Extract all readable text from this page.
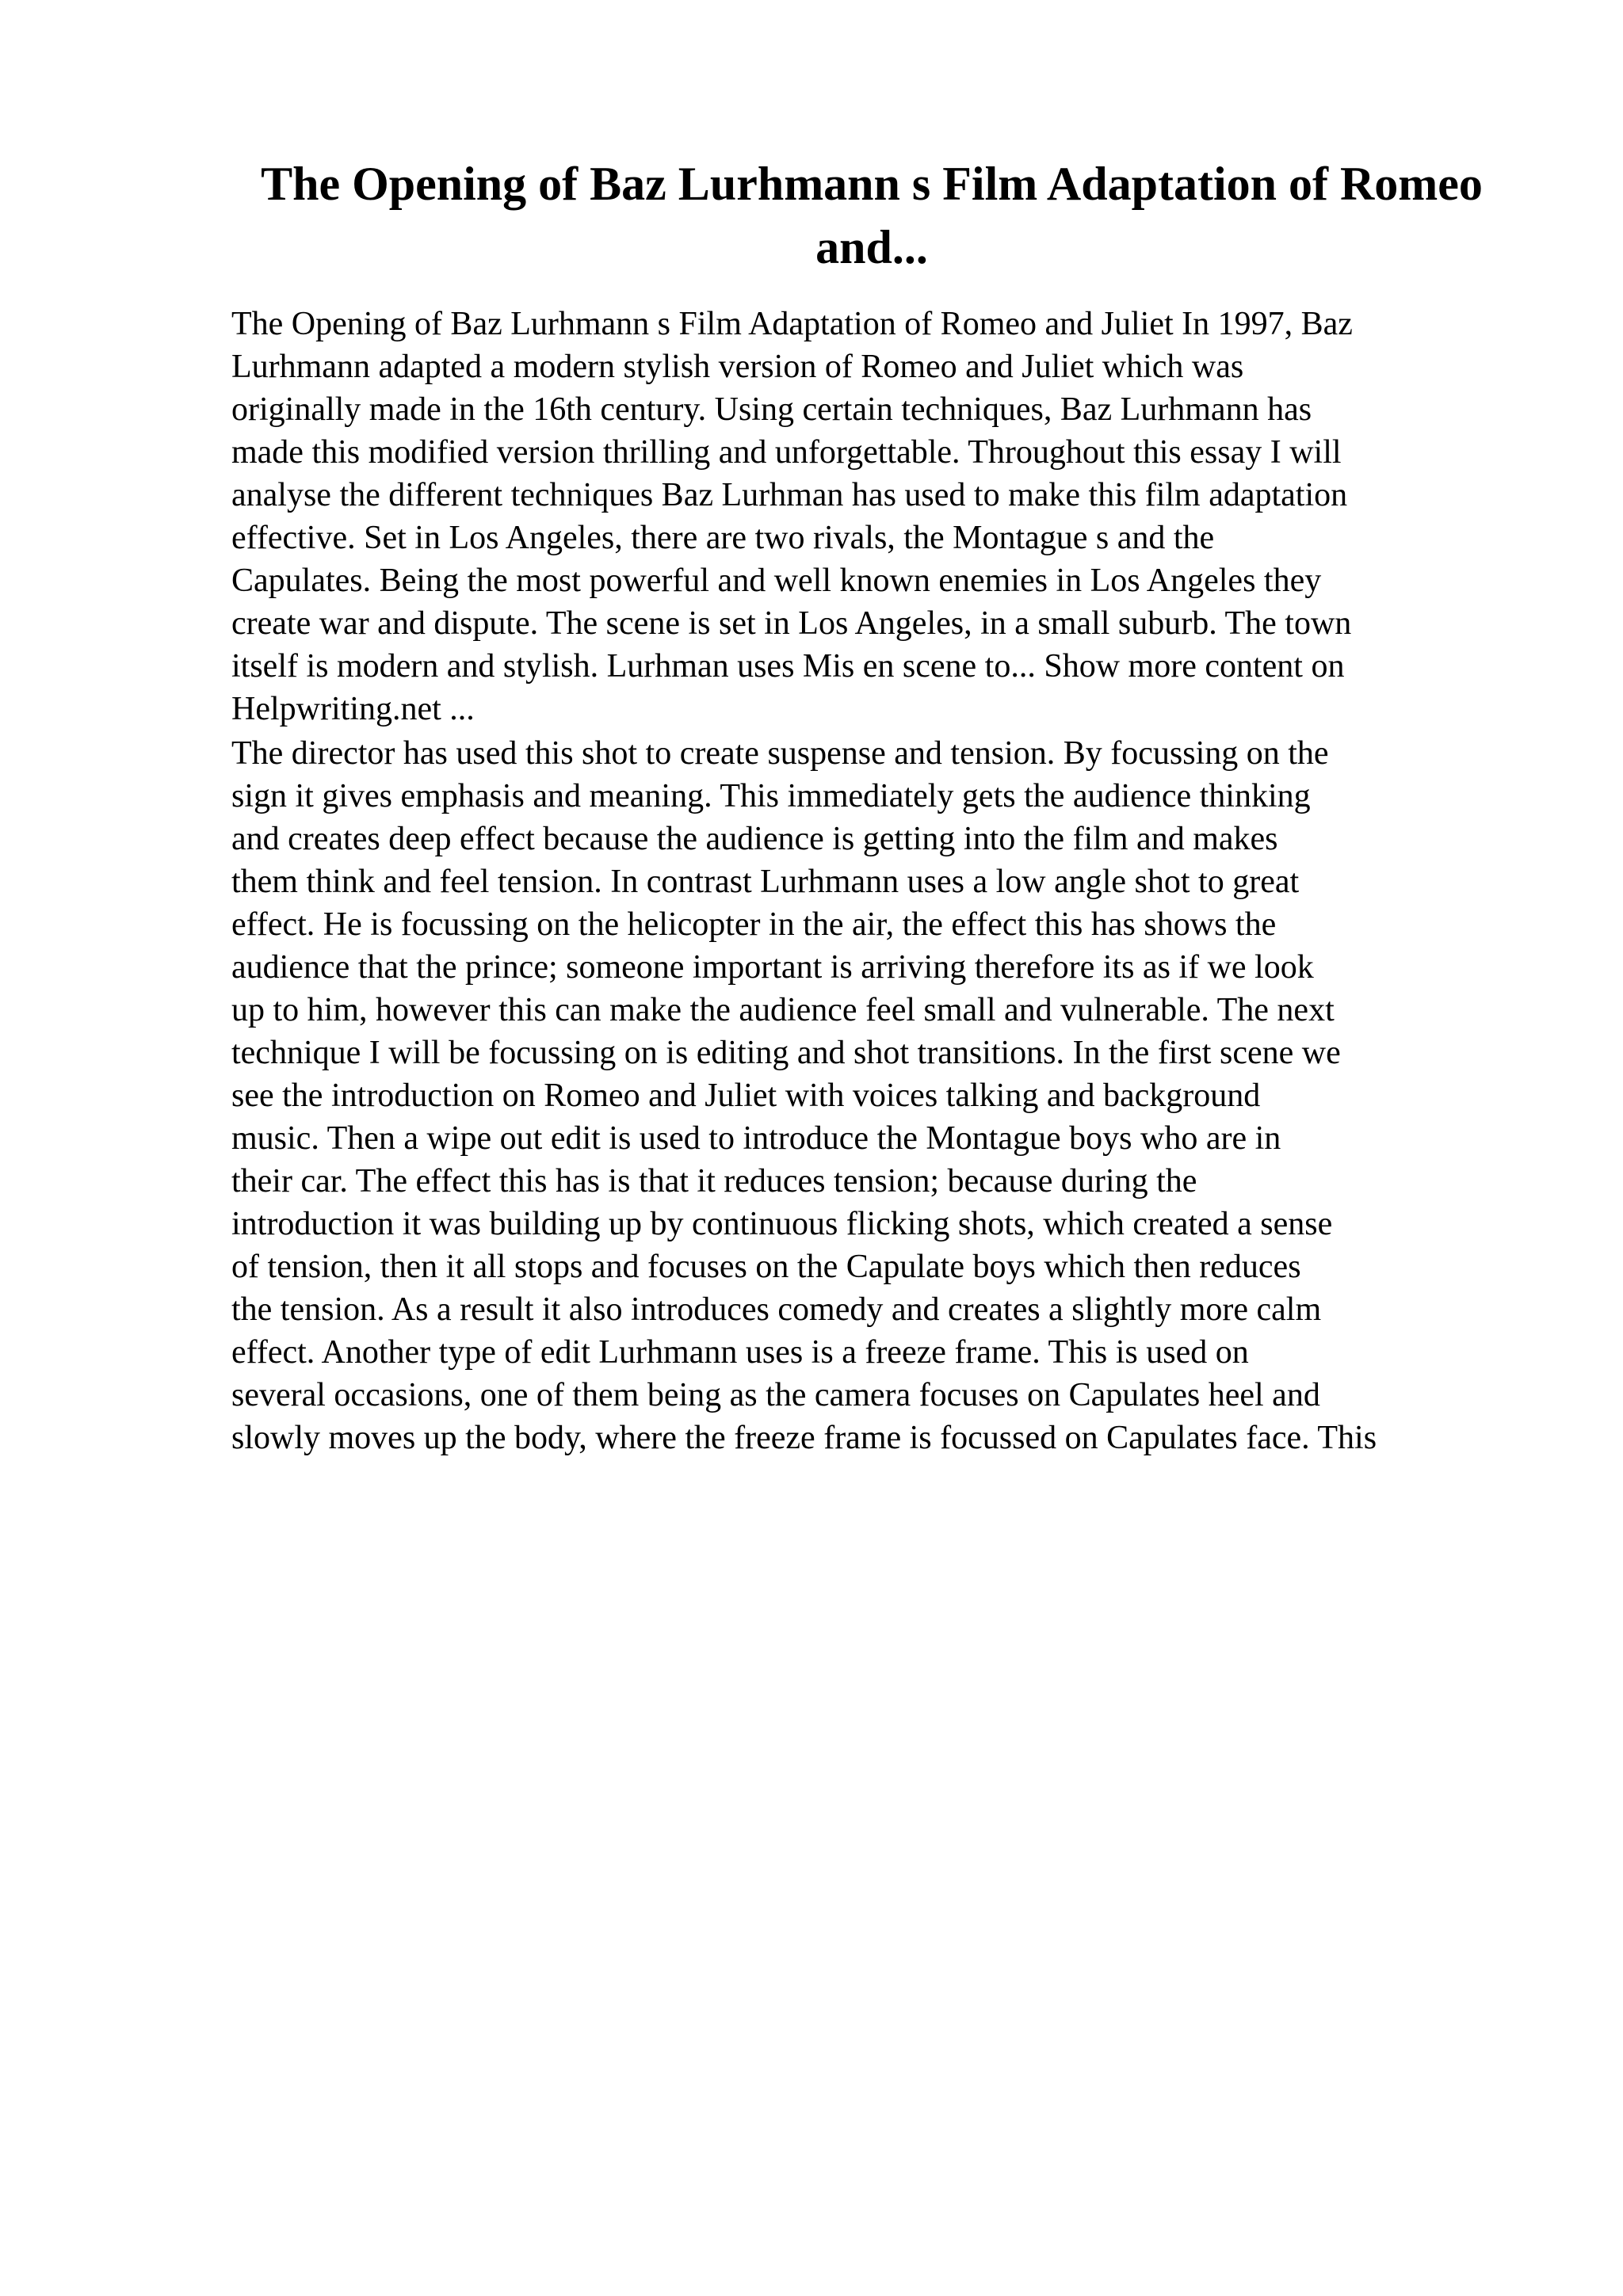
The Opening of Baz Lurhmann s Film Adaptation of Romeo
and...
The Opening of Baz Lurhmann s Film Adaptation of Romeo and Juliet In 1997, Baz
Lurhmann adapted a modern stylish version of Romeo and Juliet which was
originally made in the 16th century. Using certain techniques, Baz Lurhmann has
made this modified version thrilling and unforgettable. Throughout this essay I will
analyse the different techniques Baz Lurhman has used to make this film adaptation
effective. Set in Los Angeles, there are two rivals, the Montague s and the
Capulates. Being the most powerful and well known enemies in Los Angeles they
create war and dispute. The scene is set in Los Angeles, in a small suburb. The town
itself is modern and stylish. Lurhman uses Mis en scene to... Show more content on
Helpwriting.net ...
The director has used this shot to create suspense and tension. By focussing on the
sign it gives emphasis and meaning. This immediately gets the audience thinking
and creates deep effect because the audience is getting into the film and makes
them think and feel tension. In contrast Lurhmann uses a low angle shot to great
effect. He is focussing on the helicopter in the air, the effect this has shows the
audience that the prince; someone important is arriving therefore its as if we look
up to him, however this can make the audience feel small and vulnerable. The next
technique I will be focussing on is editing and shot transitions. In the first scene we
see the introduction on Romeo and Juliet with voices talking and background
music. Then a wipe out edit is used to introduce the Montague boys who are in
their car. The effect this has is that it reduces tension; because during the
introduction it was building up by continuous flicking shots, which created a sense
of tension, then it all stops and focuses on the Capulate boys which then reduces
the tension. As a result it also introduces comedy and creates a slightly more calm
effect. Another type of edit Lurhmann uses is a freeze frame. This is used on
several occasions, one of them being as the camera focuses on Capulates heel and
slowly moves up the body, where the freeze frame is focussed on Capulates face. This
